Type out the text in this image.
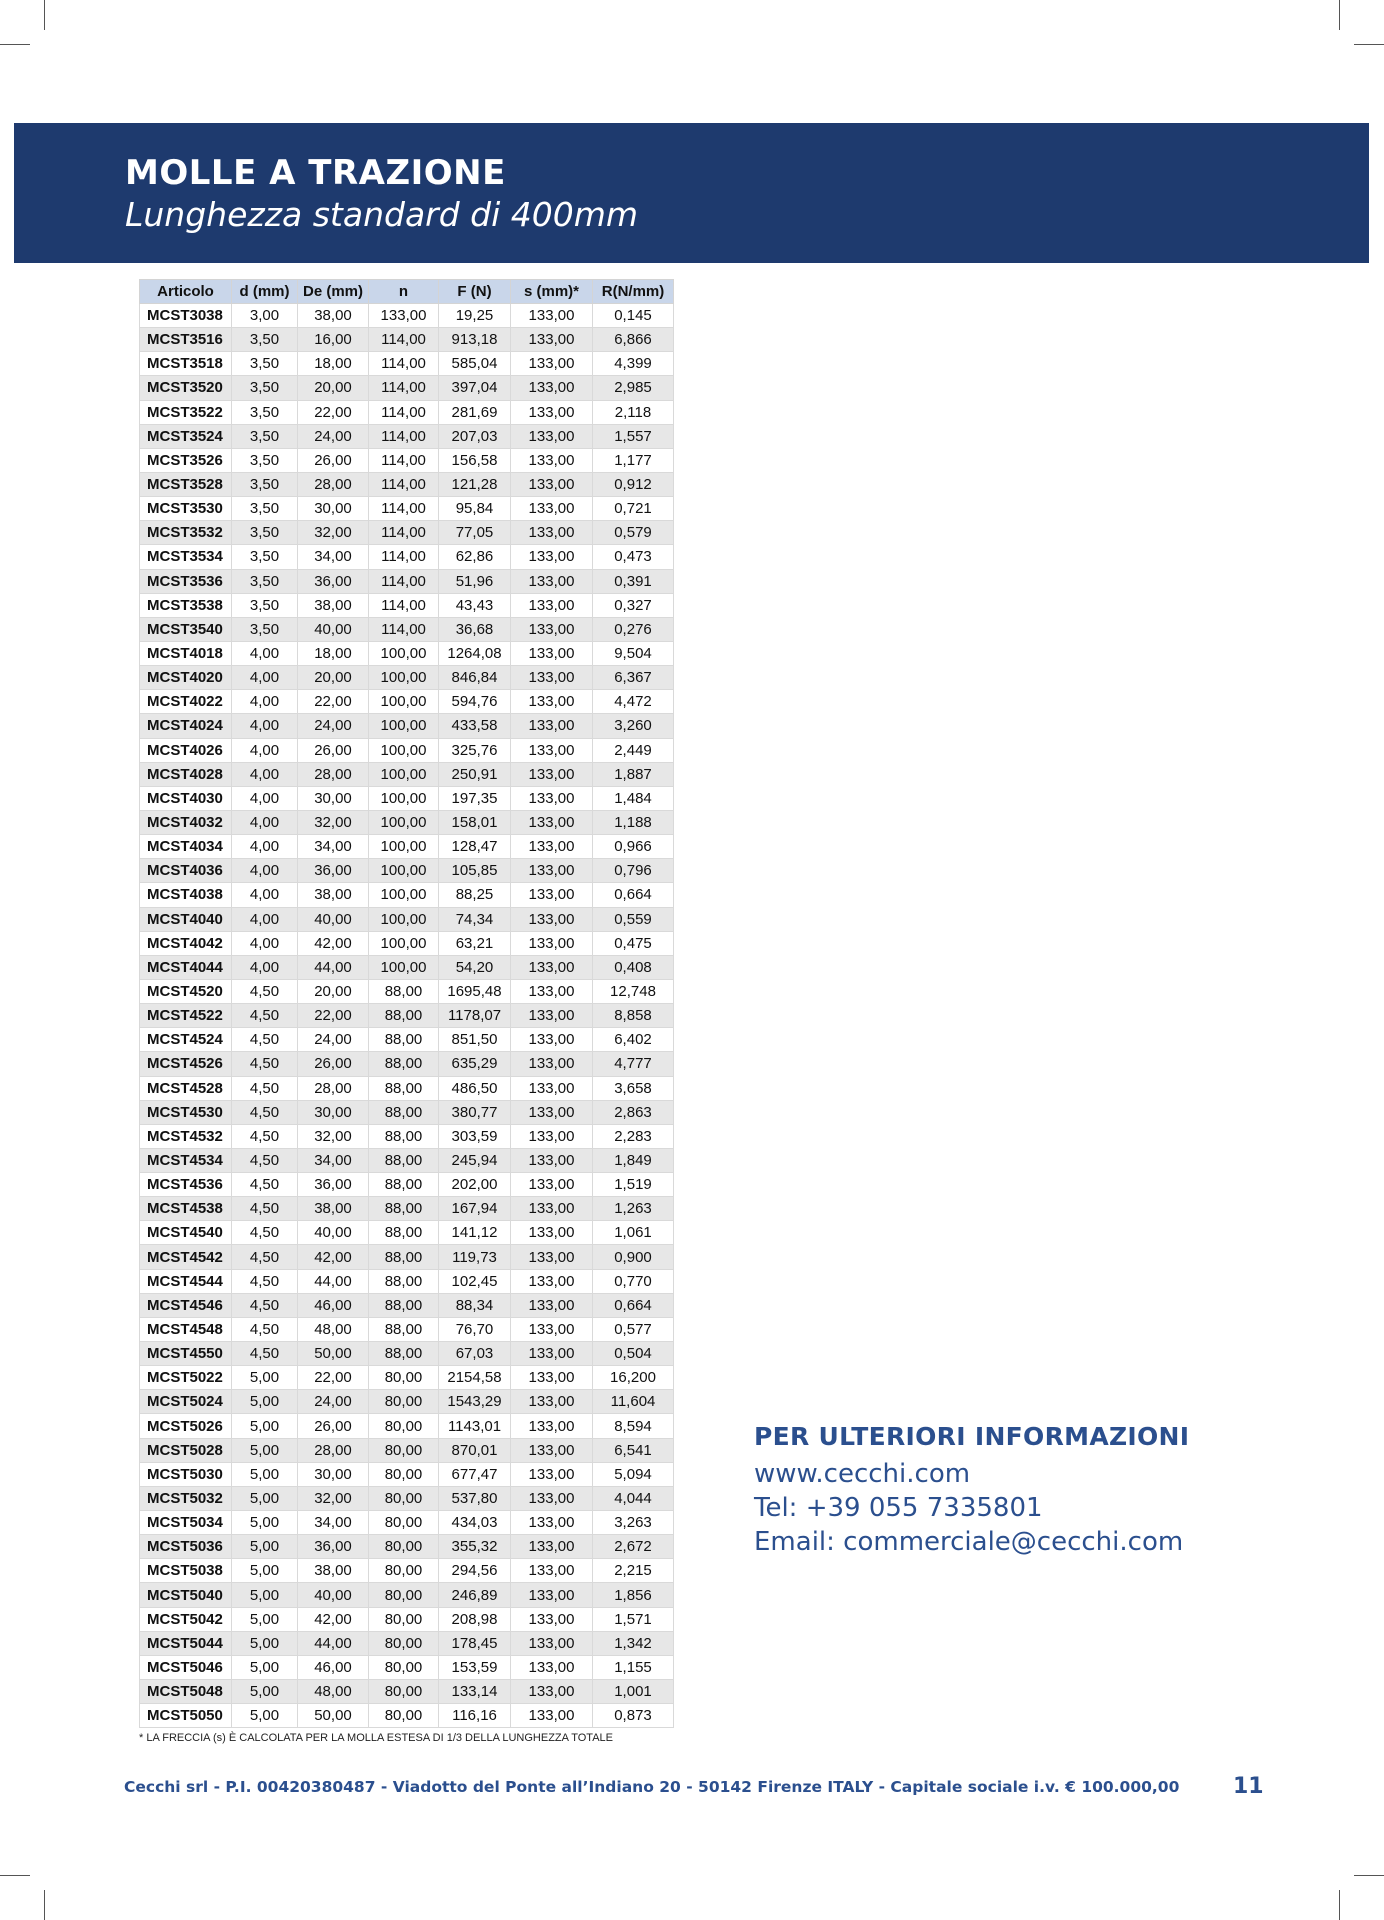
MOLLE A TRAZIONE
Lunghezza standard di 400mm
Articolo	d (mm)	De (mm)	n	F (N)	s (mm)*	R(N/mm)
MCST3038	3,00	38,00	133,00	19,25	133,00	0,145
MCST3516	3,50	16,00	114,00	913,18	133,00	6,866
MCST3518	3,50	18,00	114,00	585,04	133,00	4,399
MCST3520	3,50	20,00	114,00	397,04	133,00	2,985
MCST3522	3,50	22,00	114,00	281,69	133,00	2,118
MCST3524	3,50	24,00	114,00	207,03	133,00	1,557
MCST3526	3,50	26,00	114,00	156,58	133,00	1,177
MCST3528	3,50	28,00	114,00	121,28	133,00	0,912
MCST3530	3,50	30,00	114,00	95,84	133,00	0,721
MCST3532	3,50	32,00	114,00	77,05	133,00	0,579
MCST3534	3,50	34,00	114,00	62,86	133,00	0,473
MCST3536	3,50	36,00	114,00	51,96	133,00	0,391
MCST3538	3,50	38,00	114,00	43,43	133,00	0,327
MCST3540	3,50	40,00	114,00	36,68	133,00	0,276
MCST4018	4,00	18,00	100,00	1264,08	133,00	9,504
MCST4020	4,00	20,00	100,00	846,84	133,00	6,367
MCST4022	4,00	22,00	100,00	594,76	133,00	4,472
MCST4024	4,00	24,00	100,00	433,58	133,00	3,260
MCST4026	4,00	26,00	100,00	325,76	133,00	2,449
MCST4028	4,00	28,00	100,00	250,91	133,00	1,887
MCST4030	4,00	30,00	100,00	197,35	133,00	1,484
MCST4032	4,00	32,00	100,00	158,01	133,00	1,188
MCST4034	4,00	34,00	100,00	128,47	133,00	0,966
MCST4036	4,00	36,00	100,00	105,85	133,00	0,796
MCST4038	4,00	38,00	100,00	88,25	133,00	0,664
MCST4040	4,00	40,00	100,00	74,34	133,00	0,559
MCST4042	4,00	42,00	100,00	63,21	133,00	0,475
MCST4044	4,00	44,00	100,00	54,20	133,00	0,408
MCST4520	4,50	20,00	88,00	1695,48	133,00	12,748
MCST4522	4,50	22,00	88,00	1178,07	133,00	8,858
MCST4524	4,50	24,00	88,00	851,50	133,00	6,402
MCST4526	4,50	26,00	88,00	635,29	133,00	4,777
MCST4528	4,50	28,00	88,00	486,50	133,00	3,658
MCST4530	4,50	30,00	88,00	380,77	133,00	2,863
MCST4532	4,50	32,00	88,00	303,59	133,00	2,283
MCST4534	4,50	34,00	88,00	245,94	133,00	1,849
MCST4536	4,50	36,00	88,00	202,00	133,00	1,519
MCST4538	4,50	38,00	88,00	167,94	133,00	1,263
MCST4540	4,50	40,00	88,00	141,12	133,00	1,061
MCST4542	4,50	42,00	88,00	119,73	133,00	0,900
MCST4544	4,50	44,00	88,00	102,45	133,00	0,770
MCST4546	4,50	46,00	88,00	88,34	133,00	0,664
MCST4548	4,50	48,00	88,00	76,70	133,00	0,577
MCST4550	4,50	50,00	88,00	67,03	133,00	0,504
MCST5022	5,00	22,00	80,00	2154,58	133,00	16,200
MCST5024	5,00	24,00	80,00	1543,29	133,00	11,604
MCST5026	5,00	26,00	80,00	1143,01	133,00	8,594
MCST5028	5,00	28,00	80,00	870,01	133,00	6,541
MCST5030	5,00	30,00	80,00	677,47	133,00	5,094
MCST5032	5,00	32,00	80,00	537,80	133,00	4,044
MCST5034	5,00	34,00	80,00	434,03	133,00	3,263
MCST5036	5,00	36,00	80,00	355,32	133,00	2,672
MCST5038	5,00	38,00	80,00	294,56	133,00	2,215
MCST5040	5,00	40,00	80,00	246,89	133,00	1,856
MCST5042	5,00	42,00	80,00	208,98	133,00	1,571
MCST5044	5,00	44,00	80,00	178,45	133,00	1,342
MCST5046	5,00	46,00	80,00	153,59	133,00	1,155
MCST5048	5,00	48,00	80,00	133,14	133,00	1,001
MCST5050	5,00	50,00	80,00	116,16	133,00	0,873
* LA FRECCIA (s) È CALCOLATA PER LA MOLLA ESTESA DI 1/3 DELLA LUNGHEZZA TOTALE
PER ULTERIORI INFORMAZIONI
www.cecchi.com
Tel: +39 055 7335801
Email: commerciale@cecchi.com
Cecchi srl - P.I. 00420380487 - Viadotto del Ponte all’Indiano 20 - 50142 Firenze ITALY - Capitale sociale i.v. € 100.000,00 11
